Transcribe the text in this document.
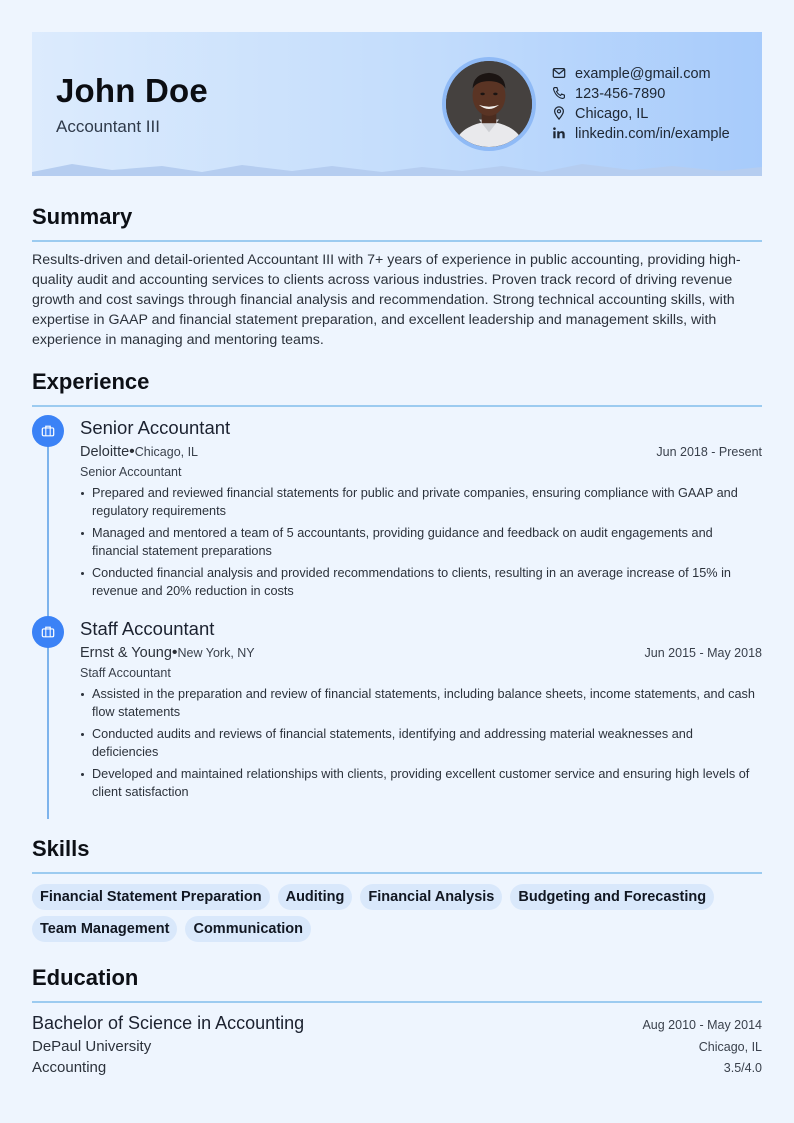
John Doe
Accountant III
example@gmail.com
123-456-7890
Chicago, IL
linkedin.com/in/example
Summary

Results-driven and detail-oriented Accountant III with 7+ years of experience in public accounting, providing high-quality audit and accounting services to clients across various industries. Proven track record of driving revenue growth and cost savings through financial analysis and recommendation. Strong technical accounting skills, with expertise in GAAP and financial statement preparation, and excellent leadership and management skills, with experience in managing and mentoring teams.

Experience
Senior Accountant
Deloitte•Chicago, IL	Jun 2018 - Present
Senior Accountant
Prepared and reviewed financial statements for public and private companies, ensuring compliance with GAAP and regulatory requirements
Managed and mentored a team of 5 accountants, providing guidance and feedback on audit engagements and financial statement preparations
Conducted financial analysis and provided recommendations to clients, resulting in an average increase of 15% in revenue and 20% reduction in costs
Staff Accountant
Ernst & Young•New York, NY	Jun 2015 - May 2018
Staff Accountant
Assisted in the preparation and review of financial statements, including balance sheets, income statements, and cash flow statements
Conducted audits and reviews of financial statements, identifying and addressing material weaknesses and deficiencies
Developed and maintained relationships with clients, providing excellent customer service and ensuring high levels of client satisfaction
Skills
Financial Statement Preparation	Auditing	Financial Analysis	Budgeting and Forecasting
Team Management	Communication
Education
Bachelor of Science in Accounting	Aug 2010 - May 2014
DePaul University	Chicago, IL
Accounting	3.5/4.0
